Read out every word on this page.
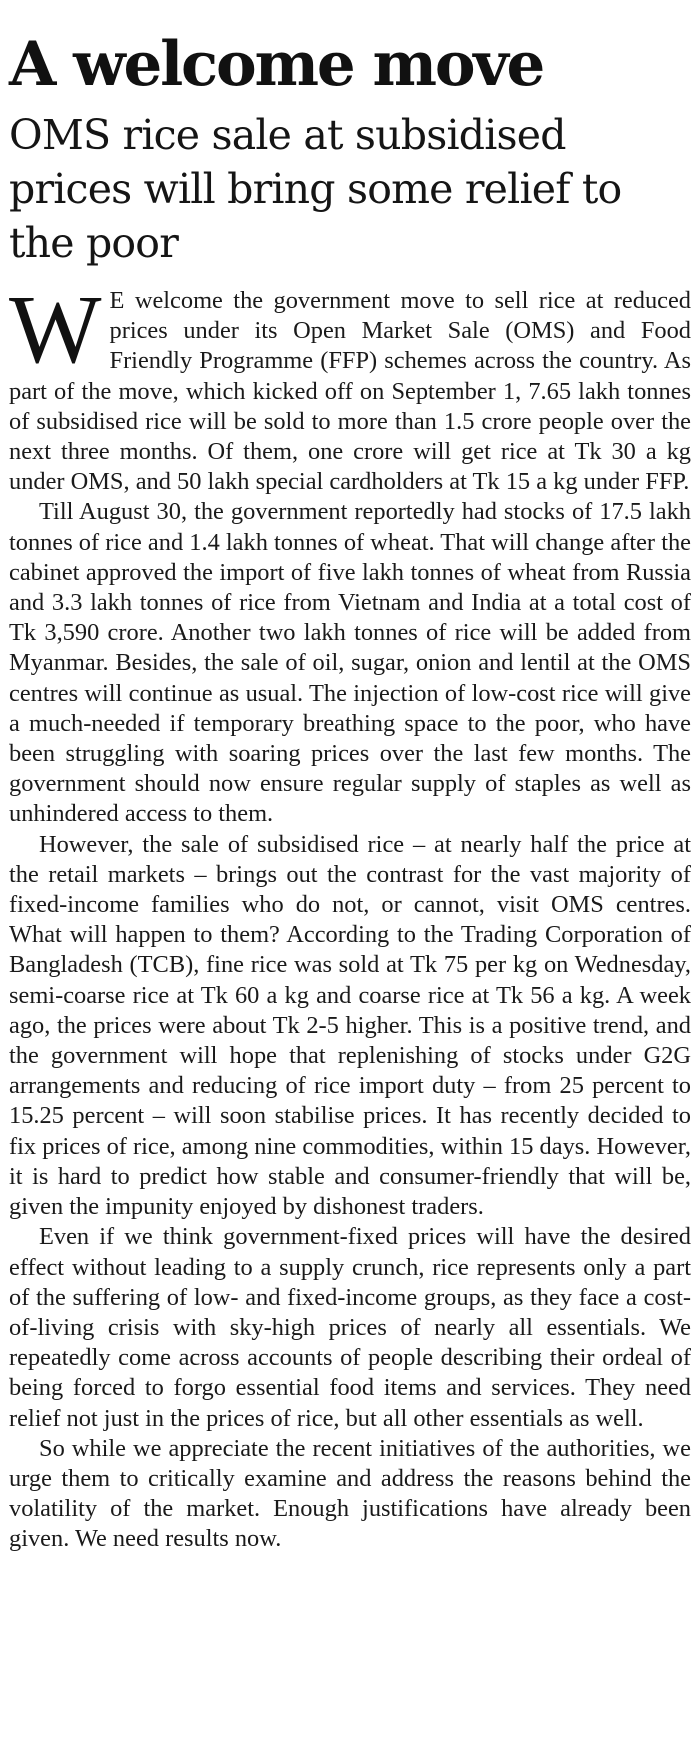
A welcome move
OMS rice sale at subsidised prices will bring some relief to the poor

W E welcome the government move to sell rice at reduced prices under its Open Market Sale (OMS) and Food Friendly Programme (FFP) schemes across the country. As part of the move, which kicked off on September 1, 7.65 lakh tonnes of subsidised rice will be sold to more than 1.5 crore people over the next three months. Of them, one crore will get rice at Tk 30 a kg under OMS, and 50 lakh special cardholders at Tk 15 a kg under FFP.

Till August 30, the government reportedly had stocks of 17.5 lakh tonnes of rice and 1.4 lakh tonnes of wheat. That will change after the cabinet approved the import of five lakh tonnes of wheat from Russia and 3.3 lakh tonnes of rice from Vietnam and India at a total cost of Tk 3,590 crore. Another two lakh tonnes of rice will be added from Myanmar. Besides, the sale of oil, sugar, onion and lentil at the OMS centres will continue as usual. The injection of low-cost rice will give a much-needed if temporary breathing space to the poor, who have been struggling with soaring prices over the last few months. The government should now ensure regular supply of staples as well as unhindered access to them.

However, the sale of subsidised rice – at nearly half the price at the retail markets – brings out the contrast for the vast majority of fixed-income families who do not, or cannot, visit OMS centres. What will happen to them? According to the Trading Corporation of Bangladesh (TCB), fine rice was sold at Tk 75 per kg on Wednesday, semi-coarse rice at Tk 60 a kg and coarse rice at Tk 56 a kg. A week ago, the prices were about Tk 2-5 higher. This is a positive trend, and the government will hope that replenishing of stocks under G2G arrangements and reducing of rice import duty – from 25 percent to 15.25 percent – will soon stabilise prices. It has recently decided to fix prices of rice, among nine commodities, within 15 days. However, it is hard to predict how stable and consumer-friendly that will be, given the impunity enjoyed by dishonest traders.

Even if we think government-fixed prices will have the desired effect without leading to a supply crunch, rice represents only a part of the suffering of low- and fixed-income groups, as they face a cost-of-living crisis with sky-high prices of nearly all essentials. We repeatedly come across accounts of people describing their ordeal of being forced to forgo essential food items and services. They need relief not just in the prices of rice, but all other essentials as well.

So while we appreciate the recent initiatives of the authorities, we urge them to critically examine and address the reasons behind the volatility of the market. Enough justifications have already been given. We need results now.
